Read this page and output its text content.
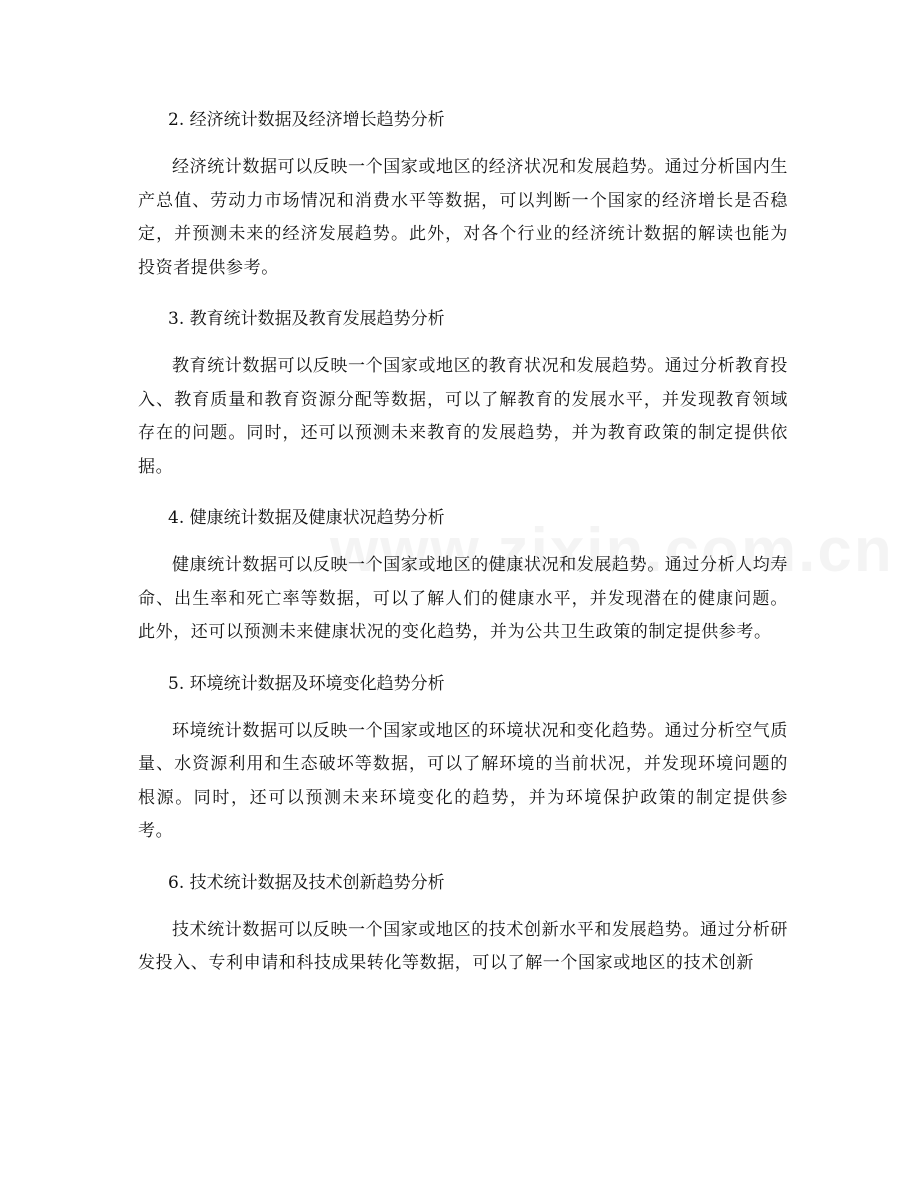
2. 经济统计数据及经济增长趋势分析

经济统计数据可以反映一个国家或地区的经济状况和发展趋势。通过分析国内生产总值、劳动力市场情况和消费水平等数据，可以判断一个国家的经济增长是否稳定，并预测未来的经济发展趋势。此外，对各个行业的经济统计数据的解读也能为投资者提供参考。

3. 教育统计数据及教育发展趋势分析

教育统计数据可以反映一个国家或地区的教育状况和发展趋势。通过分析教育投入、教育质量和教育资源分配等数据，可以了解教育的发展水平，并发现教育领域存在的问题。同时，还可以预测未来教育的发展趋势，并为教育政策的制定提供依据。

4. 健康统计数据及健康状况趋势分析

健康统计数据可以反映一个国家或地区的健康状况和发展趋势。通过分析人均寿命、出生率和死亡率等数据，可以了解人们的健康水平，并发现潜在的健康问题。此外，还可以预测未来健康状况的变化趋势，并为公共卫生政策的制定提供参考。

5. 环境统计数据及环境变化趋势分析

环境统计数据可以反映一个国家或地区的环境状况和变化趋势。通过分析空气质量、水资源利用和生态破坏等数据，可以了解环境的当前状况，并发现环境问题的根源。同时，还可以预测未来环境变化的趋势，并为环境保护政策的制定提供参考。

6. 技术统计数据及技术创新趋势分析

技术统计数据可以反映一个国家或地区的技术创新水平和发展趋势。通过分析研发投入、专利申请和科技成果转化等数据，可以了解一个国家或地区的技术创新
